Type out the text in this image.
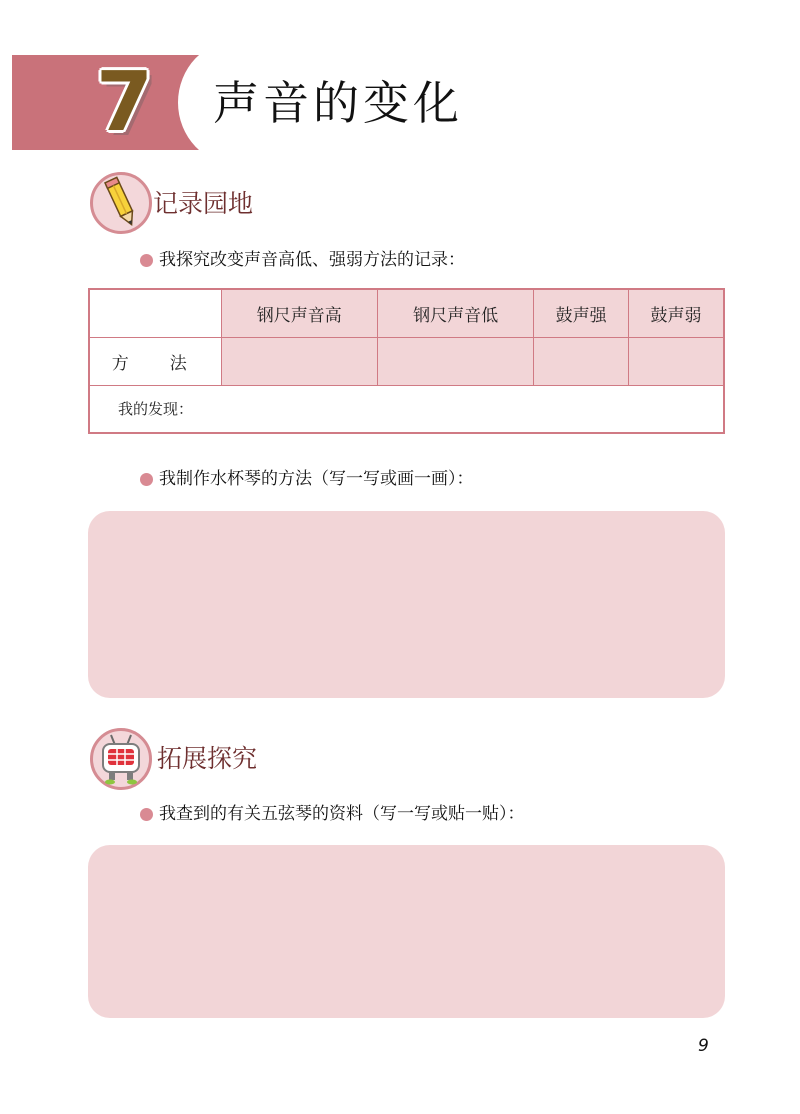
7 声音的变化
记录园地
我探究改变声音高低、强弱方法的记录：
	钢尺声音高	钢尺声音低	鼓声强	鼓声弱
方　法				
我的发现：				
我制作水杯琴的方法（写一写或画一画）：
拓展探究
我查到的有关五弦琴的资料（写一写或贴一贴）：
9
